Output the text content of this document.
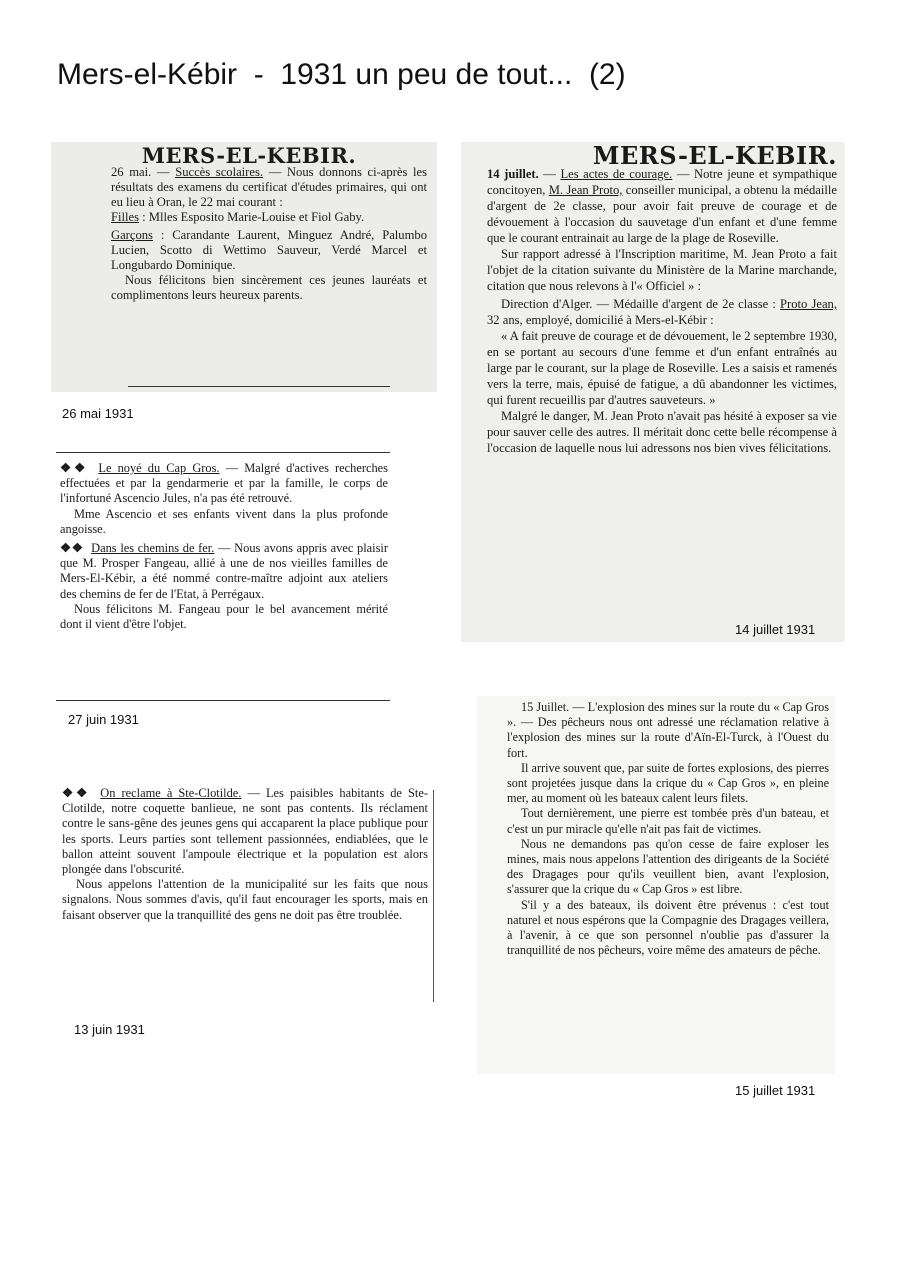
Mers-el-Kébir  -  1931 un peu de tout...  (2)
MERS-EL-KEBIR.

26 mai. — Succès scolaires. — Nous donnons ci-après les résultats des examens du certificat d'études primaires, qui ont eu lieu à Oran, le 22 mai courant :

Filles : Mlles Esposito Marie-Louise et Fiol Gaby.

Garçons : Carandante Laurent, Minguez André, Palumbo Lucien, Scotto di Wettimo Sauveur, Verdé Marcel et Longubardo Dominique.

Nous félicitons bien sincèrement ces jeunes lauréats et complimentons leurs heureux parents.

26 mai 1931
MERS-EL-KEBIR.

14 juillet. — Les actes de courage. — Notre jeune et sympathique concitoyen, M. Jean Proto, conseiller municipal, a obtenu la médaille d'argent de 2e classe, pour avoir fait preuve de courage et de dévouement à l'occasion du sauvetage d'un enfant et d'une femme que le courant entrainait au large de la plage de Roseville.

Sur rapport adressé à l'Inscription maritime, M. Jean Proto a fait l'objet de la citation suivante du Ministère de la Marine marchande, citation que nous relevons à l'« Officiel » :

Direction d'Alger. — Médaille d'argent de 2e classe : Proto Jean, 32 ans, employé, domicilié à Mers-el-Kébir :

« A fait preuve de courage et de dévouement, le 2 septembre 1930, en se portant au secours d'une femme et d'un enfant entraînés au large par le courant, sur la plage de Roseville. Les a saisis et ramenés vers la terre, mais, épuisé de fatigue, a dû abandonner les victimes, qui furent recueillis par d'autres sauveteurs. »

Malgré le danger, M. Jean Proto n'avait pas hésité à exposer sa vie pour sauver celle des autres. Il méritait donc cette belle récompense à l'occasion de laquelle nous lui adressons nos bien vives félicitations.

14 juillet 1931

❖❖ Le noyé du Cap Gros. — Malgré d'actives recherches effectuées et par la gendarmerie et par la famille, le corps de l'infortuné Ascencio Jules, n'a pas été retrouvé.

Mme Ascencio et ses enfants vivent dans la plus profonde angoisse.

❖❖ Dans les chemins de fer. — Nous avons appris avec plaisir que M. Prosper Fangeau, allié à une de nos vieilles familles de Mers-El-Kébir, a été nommé contre-maître adjoint aux ateliers des chemins de fer de l'Etat, à Perrégaux.

Nous félicitons M. Fangeau pour le bel avancement mérité dont il vient d'être l'objet.

27 juin 1931

❖❖ On reclame à Ste-Clotilde. — Les paisibles habitants de Ste-Clotilde, notre coquette banlieue, ne sont pas contents. Ils réclament contre le sans-gêne des jeunes gens qui accaparent la place publique pour les sports. Leurs parties sont tellement passionnées, endiablées, que le ballon atteint souvent l'ampoule électrique et la population est alors plongée dans l'obscurité.

Nous appelons l'attention de la municipalité sur les faits que nous signalons. Nous sommes d'avis, qu'il faut encourager les sports, mais en faisant observer que la tranquillité des gens ne doit pas être troublée.

13 juin 1931

15 Juillet. — L'explosion des mines sur la route du « Cap Gros ». — Des pêcheurs nous ont adressé une réclamation relative à l'explosion des mines sur la route d'Aïn-El-Turck, à l'Ouest du fort.

Il arrive souvent que, par suite de fortes explosions, des pierres sont projetées jusque dans la crique du « Cap Gros », en pleine mer, au moment où les bateaux calent leurs filets.

Tout dernièrement, une pierre est tombée près d'un bateau, et c'est un pur miracle qu'elle n'ait pas fait de victimes.

Nous ne demandons pas qu'on cesse de faire exploser les mines, mais nous appelons l'attention des dirigeants de la Société des Dragages pour qu'ils veuillent bien, avant l'explosion, s'assurer que la crique du « Cap Gros » est libre.

S'il y a des bateaux, ils doivent être prévenus : c'est tout naturel et nous espérons que la Compagnie des Dragages veillera, à l'avenir, à ce que son personnel n'oublie pas d'assurer la tranquillité de nos pêcheurs, voire même des amateurs de pêche.

15 juillet 1931
